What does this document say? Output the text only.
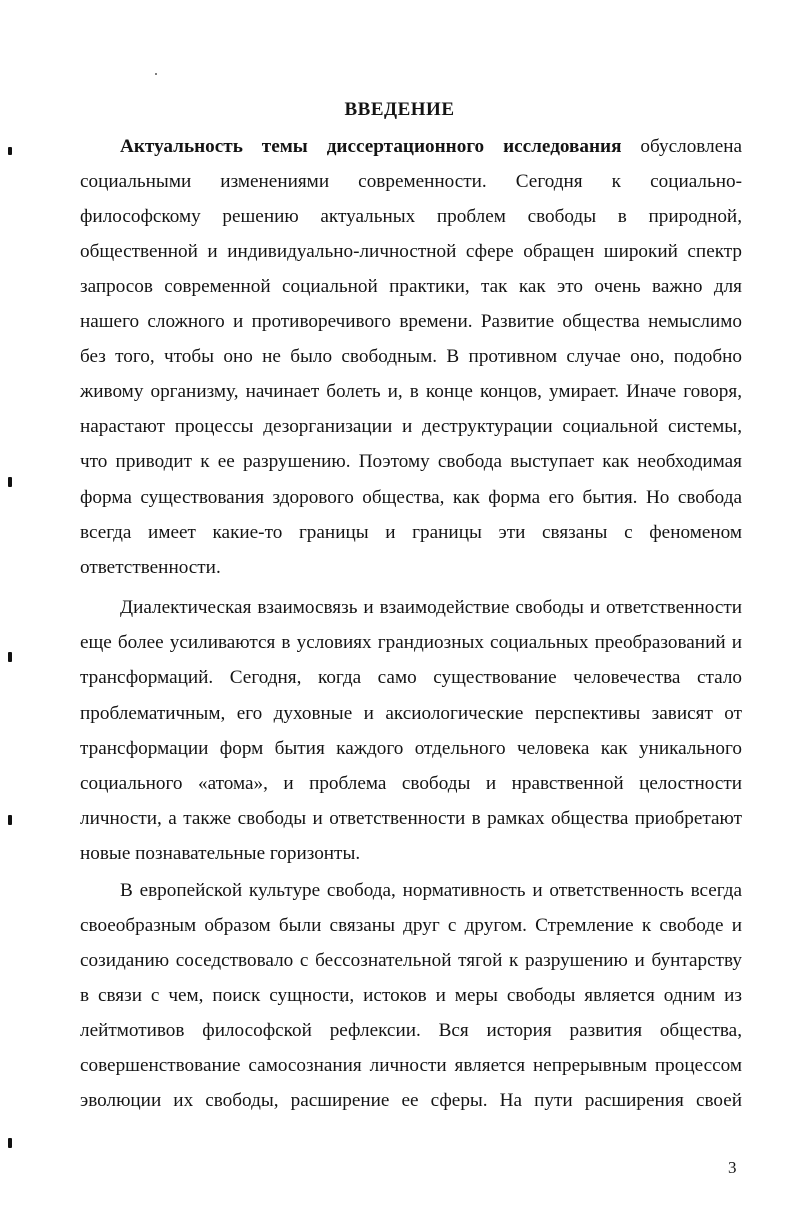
ВВЕДЕНИЕ
Актуальность темы диссертационного исследования обусловлена
социальными изменениями современности. Сегодня к социально-
философскому решению актуальных проблем свободы в природной,
общественной и индивидуально-личностной сфере обращен широкий спектр
запросов современной социальной практики, так как это очень важно для
нашего сложного и противоречивого времени. Развитие общества немыслимо
без того, чтобы оно не было свободным. В противном случае оно, подобно
живому организму, начинает болеть и, в конце концов, умирает. Иначе говоря,
нарастают процессы дезорганизации и деструктурации социальной системы,
что приводит к ее разрушению. Поэтому свобода выступает как необходимая
форма существования здорового общества, как форма его бытия. Но свобода
всегда имеет какие-то границы и границы эти связаны с феноменом
ответственности.
Диалектическая взаимосвязь и взаимодействие свободы и ответственности
еще более усиливаются в условиях грандиозных социальных преобразований и
трансформаций. Сегодня, когда само существование человечества стало
проблематичным, его духовные и аксиологические перспективы зависят от
трансформации форм бытия каждого отдельного человека как уникального
социального «атома», и проблема свободы и нравственной целостности
личности, а также свободы и ответственности в рамках общества приобретают
новые познавательные горизонты.
В европейской культуре свобода, нормативность и ответственность всегда
своеобразным образом были связаны друг с другом. Стремление к свободе и
созиданию соседствовало с бессознательной тягой к разрушению и бунтарству
в связи с чем, поиск сущности, истоков и меры свободы является одним из
лейтмотивов философской рефлексии. Вся история развития общества,
совершенствование самосознания личности является непрерывным процессом
эволюции их свободы, расширение ее сферы. На пути расширения своей
3
